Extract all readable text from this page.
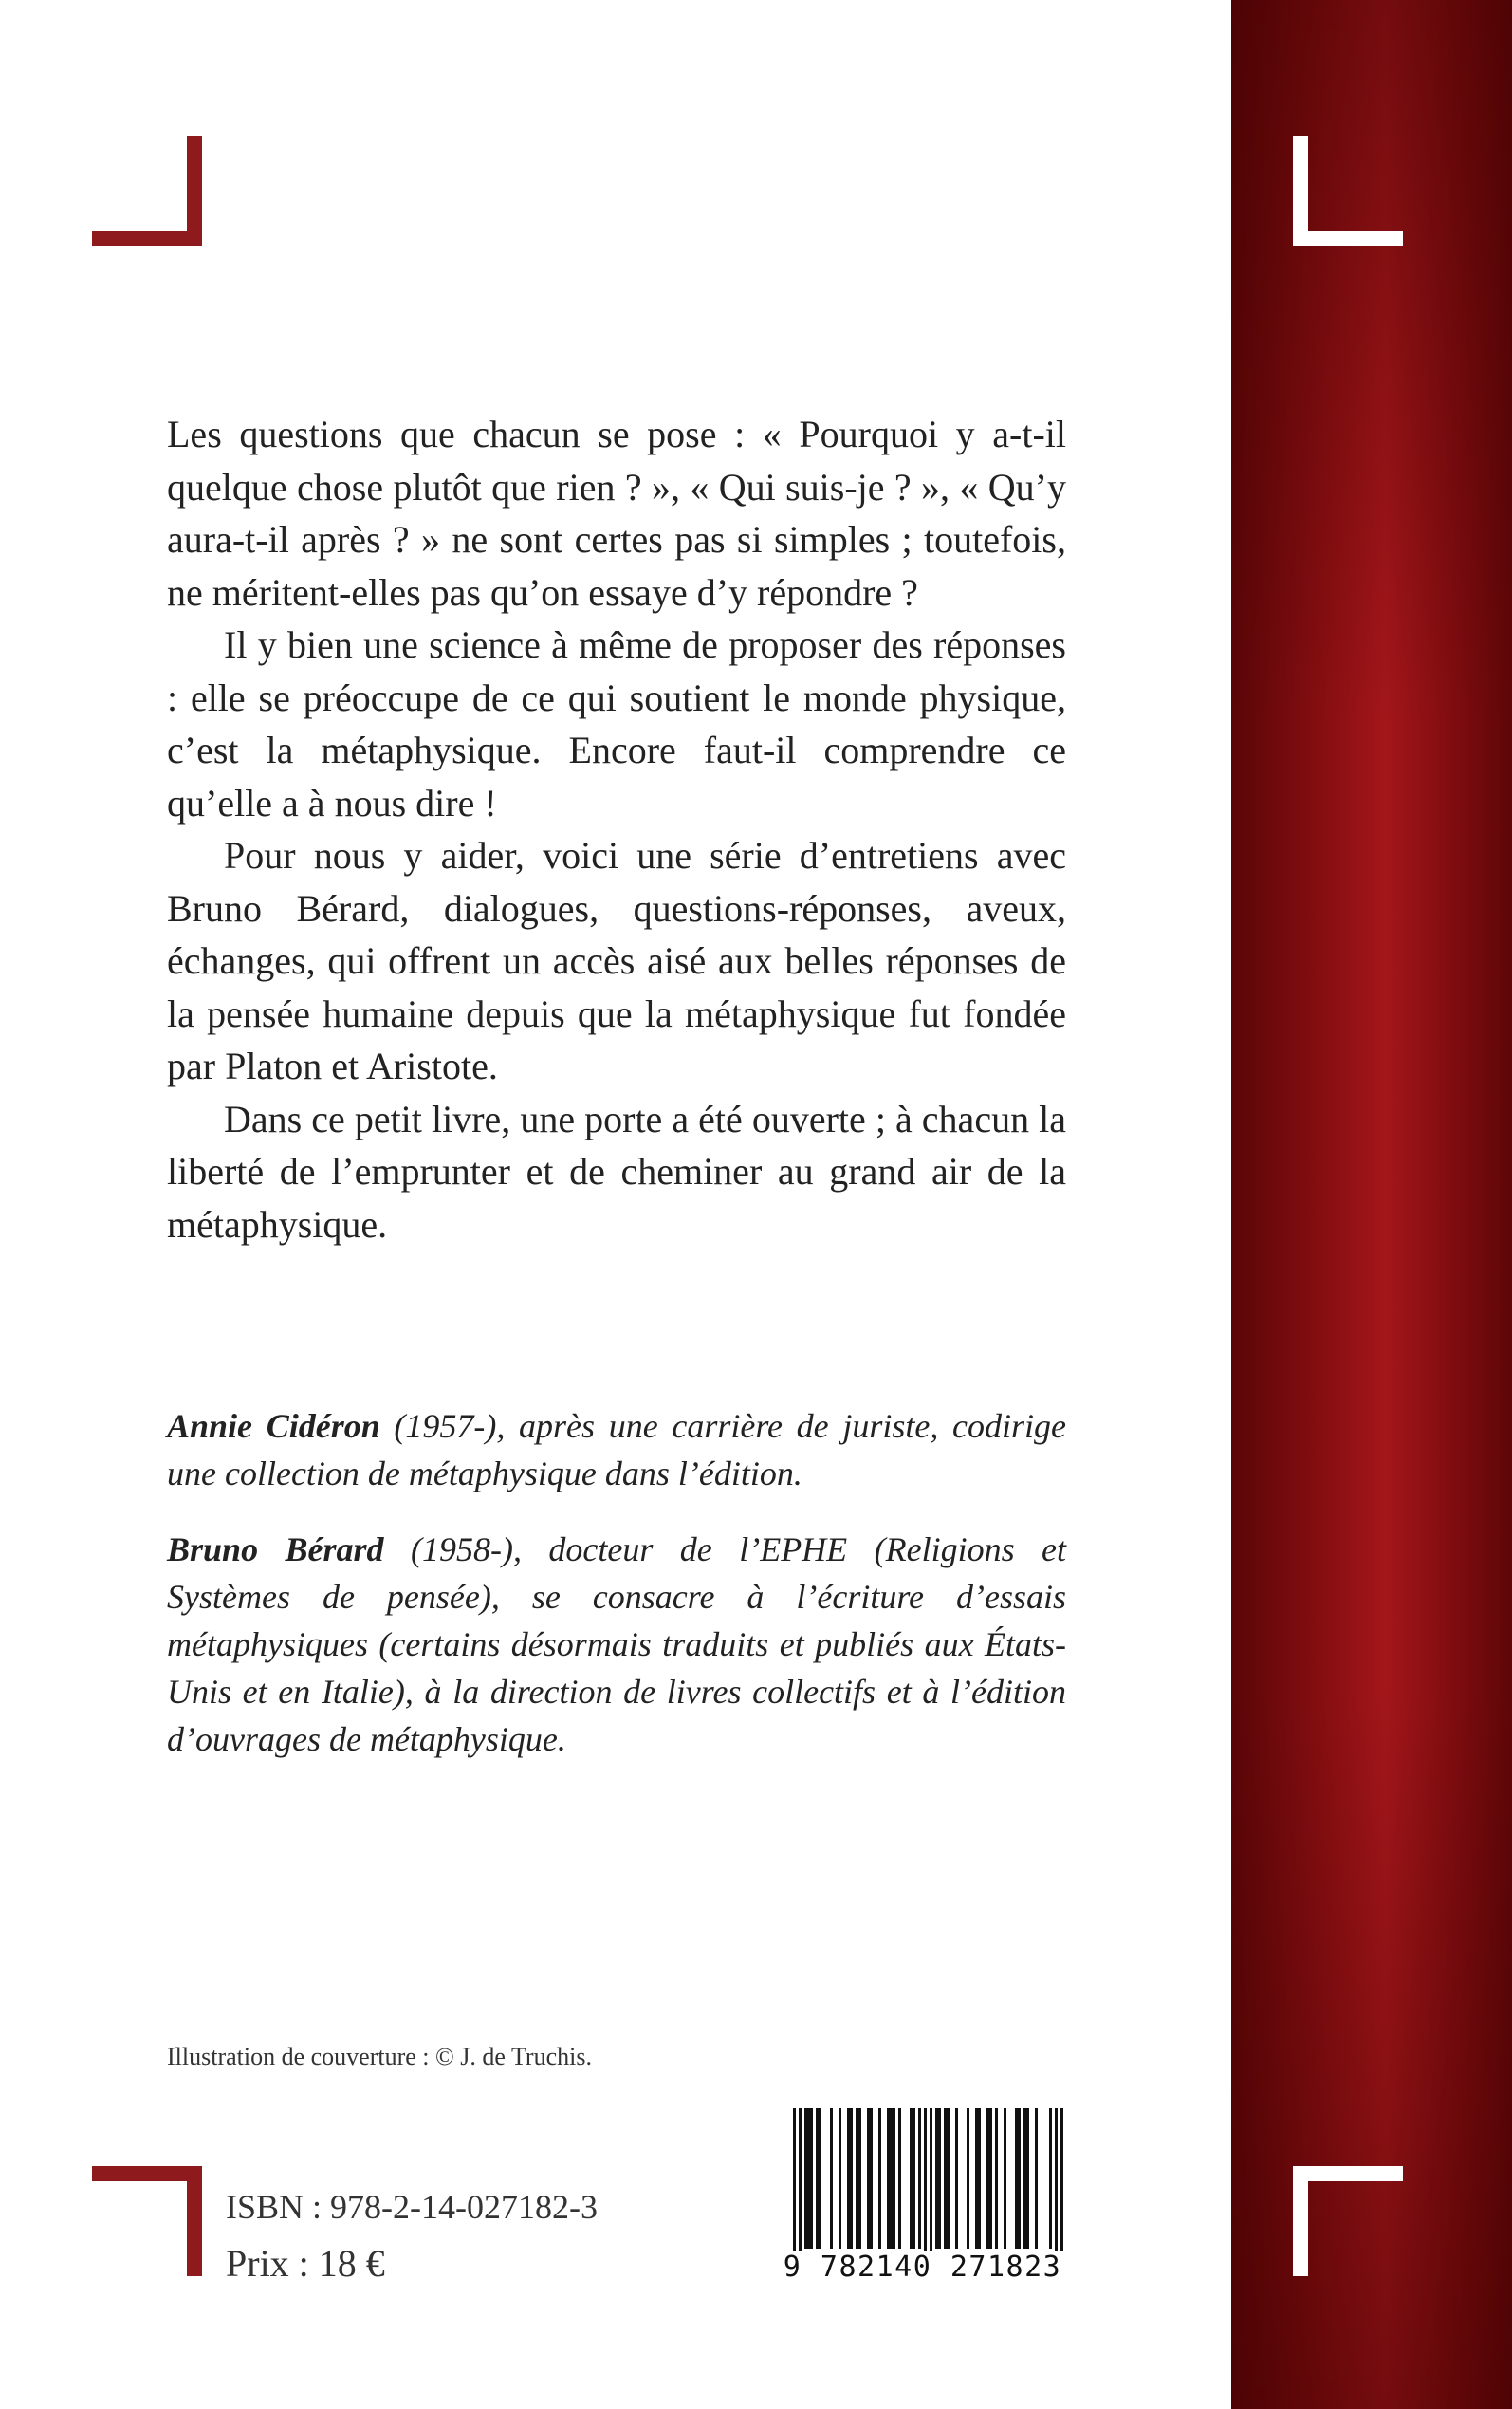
Les questions que chacun se pose : « Pourquoi y a-t-il quelque chose plutôt que rien ? », « Qui suis-je ? », « Qu’y aura-t-il après ? » ne sont certes pas si simples ; toutefois, ne méritent-elles pas qu’on essaye d’y répondre ?

Il y bien une science à même de proposer des réponses : elle se préoccupe de ce qui soutient le monde physique, c’est la métaphysique. Encore faut-il comprendre ce qu’elle a à nous dire !

Pour nous y aider, voici une série d’entretiens avec Bruno Bérard, dialogues, questions-réponses, aveux, échanges, qui offrent un accès aisé aux belles réponses de la pensée humaine depuis que la métaphysique fut fondée par Platon et Aristote.

Dans ce petit livre, une porte a été ouverte ; à chacun la liberté de l’emprunter et de cheminer au grand air de la métaphysique.

Annie Cidéron (1957-), après une carrière de juriste, codirige une collection de métaphysique dans l’édition.

Bruno Bérard (1958-), docteur de l’EPHE (Religions et Systèmes de pensée), se consacre à l’écriture d’essais métaphysiques (certains désormais traduits et publiés aux États-Unis et en Italie), à la direction de livres collectifs et à l’édition d’ouvrages de métaphysique.

Illustration de couverture : © J. de Truchis.
ISBN : 978-2-14-027182-3
Prix : 18 €	9 782140 271823
